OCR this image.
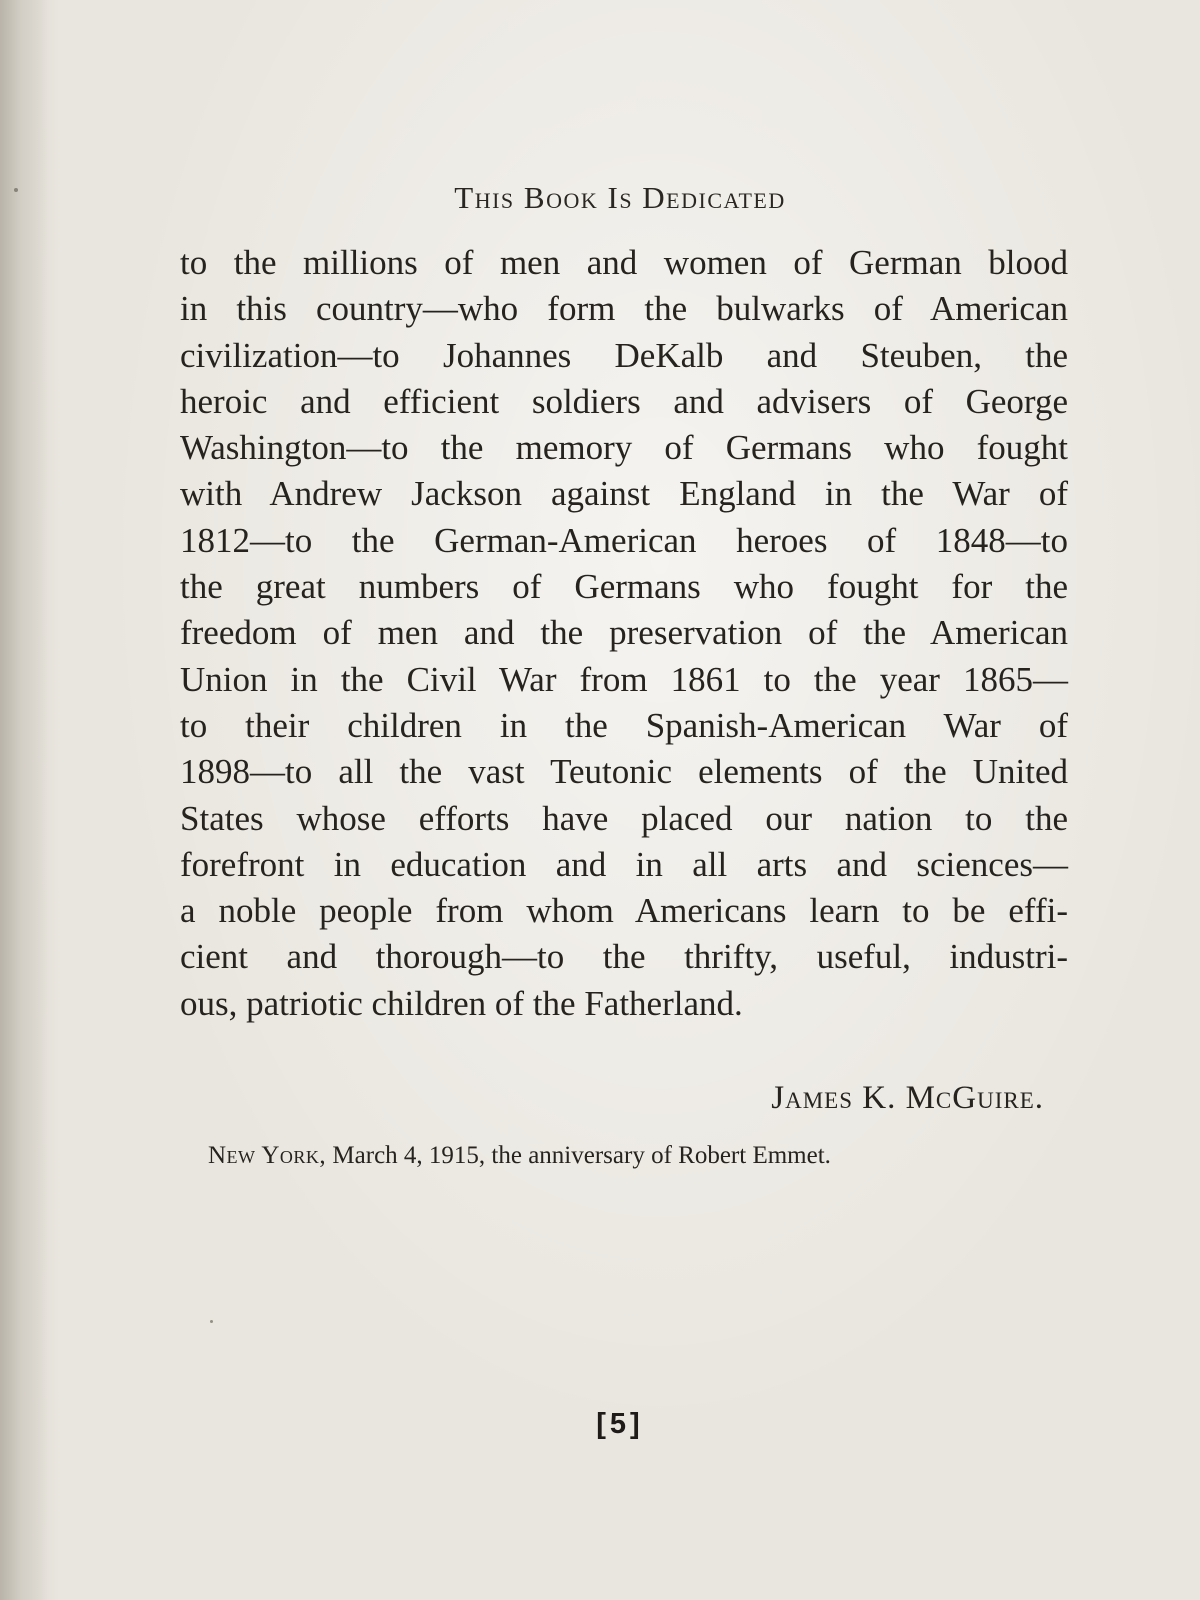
This Book Is Dedicated
to the millions of men and women of German blood
in this country—who form the bulwarks of American
civilization—to Johannes DeKalb and Steuben, the
heroic and efficient soldiers and advisers of George
Washington—to the memory of Germans who fought
with Andrew Jackson against England in the War of
1812—to the German-American heroes of 1848—to
the great numbers of Germans who fought for the
freedom of men and the preservation of the American
Union in the Civil War from 1861 to the year 1865—
to their children in the Spanish-American War of
1898—to all the vast Teutonic elements of the United
States whose efforts have placed our nation to the
forefront in education and in all arts and sciences—
a noble people from whom Americans learn to be effi-
cient and thorough—to the thrifty, useful, industri-
ous, patriotic children of the Fatherland.
James K. McGuire.
New York, March 4, 1915, the anniversary of Robert Emmet.
[5]
